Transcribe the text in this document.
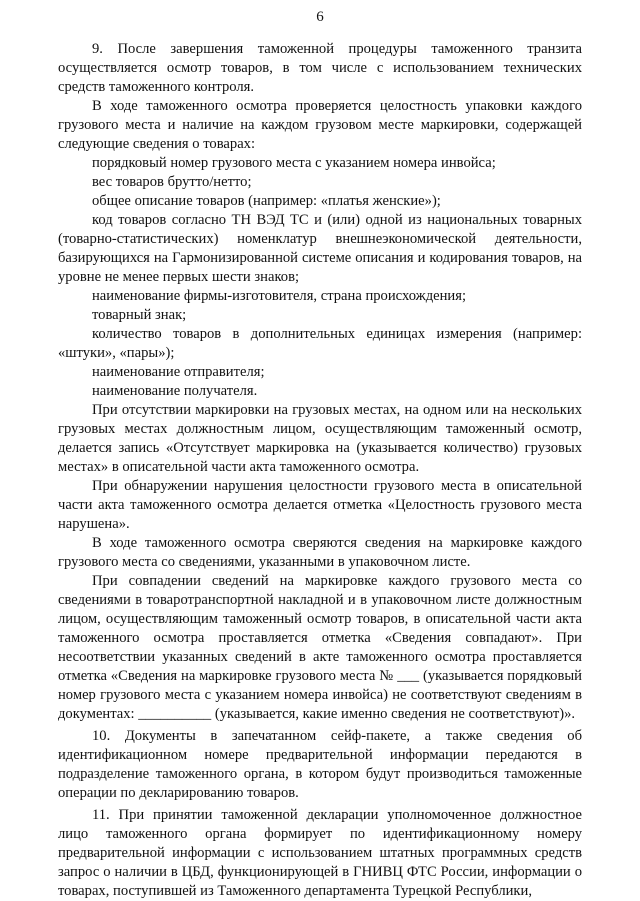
6

9. После завершения таможенной процедуры таможенного транзита осуществляется осмотр товаров, в том числе с использованием технических средств таможенного контроля.

В ходе таможенного осмотра проверяется целостность упаковки каждого грузового места и наличие на каждом грузовом месте маркировки, содержащей следующие сведения о товарах:

порядковый номер грузового места с указанием номера инвойса;

вес товаров брутто/нетто;

общее описание товаров (например: «платья женские»);

код товаров согласно ТН ВЭД ТС и (или) одной из национальных товарных (товарно-статистических) номенклатур внешнеэкономической деятельности, базирующихся на Гармонизированной системе описания и кодирования товаров, на уровне не менее первых шести знаков;

наименование фирмы-изготовителя, страна происхождения;

товарный знак;

количество товаров в дополнительных единицах измерения (например: «штуки», «пары»);

наименование отправителя;

наименование получателя.

При отсутствии маркировки на грузовых местах, на одном или на нескольких грузовых местах должностным лицом, осуществляющим таможенный осмотр, делается запись «Отсутствует маркировка на (указывается количество) грузовых местах» в описательной части акта таможенного осмотра.

При обнаружении нарушения целостности грузового места в описательной части акта таможенного осмотра делается отметка «Целостность грузового места нарушена».

В ходе таможенного осмотра сверяются сведения на маркировке каждого грузового места со сведениями, указанными в упаковочном листе.

При совпадении сведений на маркировке каждого грузового места со сведениями в товаротранспортной накладной и в упаковочном листе должностным лицом, осуществляющим таможенный осмотр товаров, в описательной части акта таможенного осмотра проставляется отметка «Сведения совпадают». При несоответствии указанных сведений в акте таможенного осмотра проставляется отметка «Сведения на маркировке грузового места № ___ (указывается порядковый номер грузового места с указанием номера инвойса) не соответствуют сведениям в документах: __________ (указывается, какие именно сведения не соответствуют)».

10. Документы в запечатанном сейф-пакете, а также сведения об идентификационном номере предварительной информации передаются в подразделение таможенного органа, в котором будут производиться таможенные операции по декларированию товаров.

11. При принятии таможенной декларации уполномоченное должностное лицо таможенного органа формирует по идентификационному номеру предварительной информации с использованием штатных программных средств запрос о наличии в ЦБД, функционирующей в ГНИВЦ ФТС России, информации о товарах, поступившей из Таможенного департамента Турецкой Республики,
